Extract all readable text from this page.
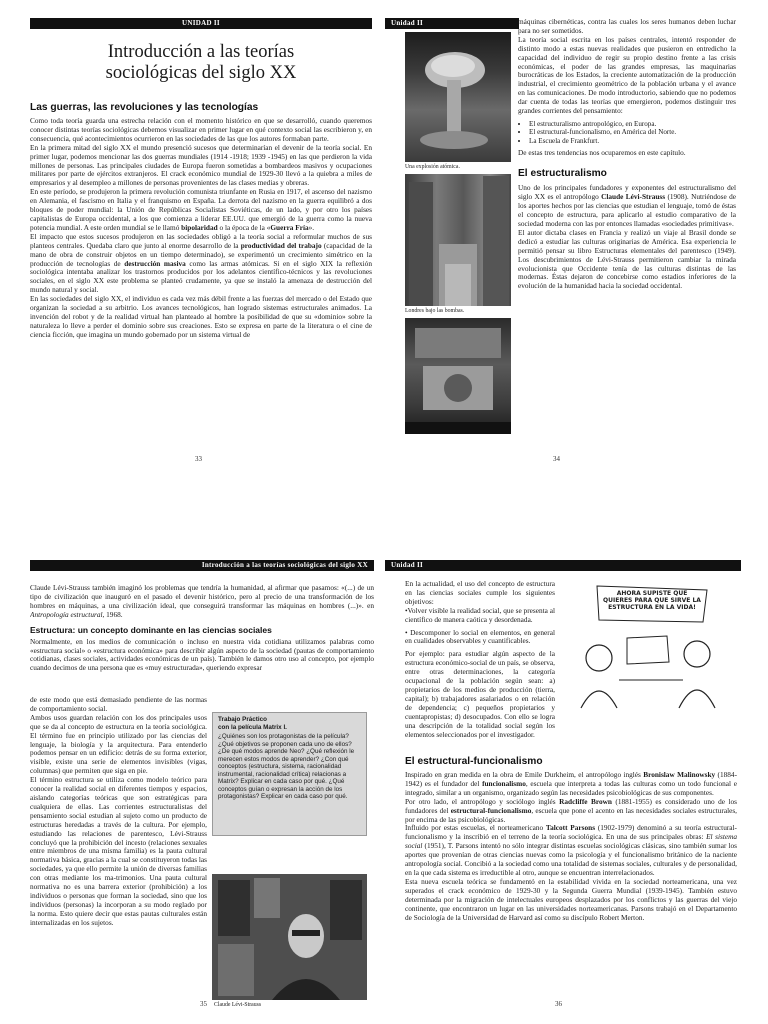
UNIDAD II
Introducción a las teorías
sociológicas del siglo XX
Las guerras, las revoluciones y las tecnologías

Como toda teoría guarda una estrecha relación con el momento histórico en que se desarrolló, cuando queremos conocer distintas teorías sociológicas debemos visualizar en primer lugar en qué contexto social las escribieron y, en consecuencia, qué acontecimientos ocurrieron en las sociedades de las que los autores formaban parte.

En la primera mitad del siglo XX el mundo presenció sucesos que determinarían el devenir de la teoría social. En primer lugar, podemos mencionar las dos guerras mundiales (1914 -1918; 1939 -1945) en las que perdieron la vida millones de personas. Las principales ciudades de Europa fueron sometidas a bombardeos masivos y ocupaciones militares por parte de ejércitos extranjeros. El crack económico mundial de 1929-30 llevó a la quiebra a miles de empresarios y al desempleo a millones de personas provenientes de las clases medias y obreras.

En este período, se produjeron la primera revolución comunista triunfante en Rusia en 1917, el ascenso del nazismo en Alemania, el fascismo en Italia y el franquismo en España. La derrota del nazismo en la guerra equilibró a dos bloques de poder mundial: la Unión de Repúblicas Socialistas Soviéticas, de un lado, y por otro los países capitalistas de Europa occidental, a los que comienza a liderar EE.UU. que emergió de la guerra como la nueva potencia mundial. A este orden mundial se le llamó bipolaridad o la época de la «Guerra Fría».

El impacto que estos sucesos produjeron en las sociedades obligó a la teoría social a reformular muchos de sus planteos centrales. Quedaba claro que junto al enorme desarrollo de la productividad del trabajo (capacidad de la mano de obra de construir objetos en un tiempo determinado), se experimentó un crecimiento simétrico en la producción de tecnologías de destrucción masiva como las armas atómicas. Si en el siglo XIX la reflexión sociológica intentaba analizar los trastornos producidos por los adelantos científico-técnicos y las revoluciones sociales, en el siglo XX este problema se planteó crudamente, ya que se instaló la amenaza de destrucción del mundo natural y social.

En las sociedades del siglo XX, el individuo es cada vez más débil frente a las fuerzas del mercado o del Estado que organizan la sociedad a su arbitrio. Los avances tecnológicos, han logrado sistemas estructurales animados. La invención del robot y de la realidad virtual han planteado al hombre la posibilidad de que su «dominio» sobre la naturaleza lo lleve a perder el dominio sobre sus creaciones. Esto se expresa en parte de la literatura o el cine de ciencia ficción, que imagina un mundo gobernado por un sistema virtual de

33
Unidad II

Una explosión atómica.

Londres bajo las bombas.

máquinas cibernéticas, contra las cuales los seres humanos deben luchar para no ser sometidos.

La teoría social escrita en los países centrales, intentó responder de distinto modo a estas nuevas realidades que pusieron en entredicho la capacidad del individuo de regir su propio destino frente a las crisis económicas, el poder de las grandes empresas, las maquinarias burocráticas de los Estados, la creciente automatización de la producción industrial, el crecimiento geométrico de la población urbana y el avance en las comunicaciones. De modo introductorio, sabiendo que no podemos dar cuenta de todas las teorías que emergieron, podemos distinguir tres grandes corrientes del pensamiento:

• El estructuralismo antropológico, en Europa.
• El estructural-funcionalismo, en América del Norte.
• La Escuela de Frankfurt.

De estas tres tendencias nos ocuparemos en este capítulo.

El estructuralismo

Uno de los principales fundadores y exponentes del estructuralismo del siglo XX es el antropólogo Claude Lévi-Strauss (1908). Nutriéndose de los aportes hechos por las ciencias que estudian el lenguaje, tomó de éstas el concepto de estructura, para aplicarlo al estudio comparativo de la sociedad moderna con las por entonces llamadas «sociedades primitivas».

El autor dictaba clases en Francia y realizó un viaje al Brasil donde se dedicó a estudiar las culturas originarias de América. Esa experiencia le permitió pensar su libro Estructuras elementales del parentesco (1949). Los descubrimientos de Lévi-Strauss permitieron cambiar la mirada evolucionista que Occidente tenía de las culturas distintas de las modernas. Éstas dejaron de concebirse como estadios inferiores de la evolución de la humanidad hacia la sociedad occidental.

34
Introducción a las teorías sociológicas del siglo XX

Claude Lévi-Strauss también imaginó los problemas que tendría la humanidad, al afirmar que pasamos: «(...) de un tipo de civilización que inauguró en el pasado el devenir histórico, pero al precio de una transformación de los hombres en máquinas, a una civilización ideal, que conseguirá transformar las máquinas en hombres (...)». en Antropología estructural, 1968.

Estructura: un concepto dominante en las ciencias sociales

Normalmente, en los medios de comunicación o incluso en nuestra vida cotidiana utilizamos palabras como «estructura social» o «estructura económica» para describir algún aspecto de la sociedad (pautas de comportamiento cotidianas, clases sociales, actividades económicas de un país). También le damos otro uso al concepto, por ejemplo cuando decimos de una persona que es «muy estructurada», queriendo expresar

de este modo que está demasiado pendiente de las normas de comportamiento social.

Ambos usos guardan relación con los dos principales usos que se da al concepto de estructura en la teoría sociológica. El término fue en principio utilizado por las ciencias del lenguaje, la biología y la arquitectura. Para entenderlo podemos pensar en un edificio: detrás de su forma exterior, visible, existe una serie de elementos invisibles (vigas, columnas) que permiten que siga en pie.

El término estructura se utiliza como modelo teórico para conocer la realidad social en diferentes tiempos y espacios, aislando categorías teóricas que son estratégicas para cualquiera de ellas. Las corrientes estructuralistas del pensamiento social estudian al sujeto como un producto de estructuras heredadas a través de la cultura. Por ejemplo, estudiando las relaciones de parentesco, Lévi-Strauss concluyó que la prohibición del incesto (relaciones sexuales entre miembros de una misma familia) es la pauta cultural normativa básica, gracias a la cual se constituyeron todas las sociedades, ya que ello permite la unión de diversas familias con otras mediante los ma-trimonios. Una pauta cultural normativa no es una barrera exterior (prohibición) a los individuos o personas que forman la sociedad, sino que los individuos (personas) la incorporan a su modo reglado por la norma. Esto quiere decir que estas pautas culturales están internalizadas en los sujetos.

Trabajo Práctico

con la película Matrix I.

¿Quiénes son los protagonistas de la película?¿Qué objetivos se proponen cada uno de ellos?¿De qué modos aprende Neo? ¿Qué reflexión le merecen estos modos de aprender? ¿Con qué conceptos (estructura, sistema, racionalidad instrumental, racionalidad crítica) relacionas a Matrix? Explicar en cada caso por qué. ¿Qué conceptos guían o expresan la acción de los protagonistas? Explicar en cada caso por qué.

Claude Lévi-Strauss

35
Unidad II

En la actualidad, el uso del concepto de estructura en las ciencias sociales cumple los siguientes objetivos:

•Volver visible la realidad social, que se presenta al científico de manera caótica y desordenada.

• Descomponer lo social en elementos, en general en cualidades observables y cuantificables.

Por ejemplo: para estudiar algún aspecto de la estructura económico-social de un país, se observa, entre otras determinaciones, la categoría ocupacional de la población según sean: a) propietarios de los medios de producción (tierra, capital); b) trabajadores asalariados o en relación de dependencia; c) pequeños propietarios y cuentapropistas; d) desocupados. Con ello se logra una descripción de la totalidad social según los elementos seleccionados por el investigador.

AHORA SUPISTE QUE QUIERES PARA QUE SIRVE LA ESTRUCTURA EN LA VIDA!
El estructural-funcionalismo

Inspirado en gran medida en la obra de Emile Durkheim, el antropólogo inglés Bronislaw Malinowsky (1884-1942) es el fundador del funcionalismo, escuela que interpreta a todas las culturas como un todo funcional e integrado, similar a un organismo, organizado según las necesidades psicobiológicas de sus componentes.

Por otro lado, el antropólogo y sociólogo inglés Radcliffe Brown (1881-1955) es considerado uno de los fundadores del estructural-funcionalismo, escuela que pone el acento en las necesidades sociales estructurales, por encima de las psicobiológicas.

Influido por estas escuelas, el norteamericano Talcott Parsons (1902-1979) denominó a su teoría estructural-funcionalismo y la inscribió en el terreno de la teoría sociológica. En una de sus principales obras: El sistema social (1951), T. Parsons intentó no sólo integrar distintas escuelas sociológicas clásicas, sino también sumar los aportes que provenían de otras ciencias nuevas como la psicología y el funcionalismo británico de la naciente antropología social. Concibió a la sociedad como una totalidad de sistemas sociales, culturales y de personalidad, en la que cada sistema es irreductible al otro, aunque se encuentran interrelacionados.

Esta nueva escuela teórica se fundamentó en la estabilidad vivida en la sociedad norteamericana, una vez superados el crack económico de 1929-30 y la Segunda Guerra Mundial (1939-1945). También estuvo determinada por la migración de intelectuales europeos desplazados por los conflictos y las guerras del viejo continente, que encontraron un lugar en las universidades norteamericanas. Parsons trabajó en el Departamento de Sociología de la Universidad de Harvard así como su discípulo Robert Merton.

36
